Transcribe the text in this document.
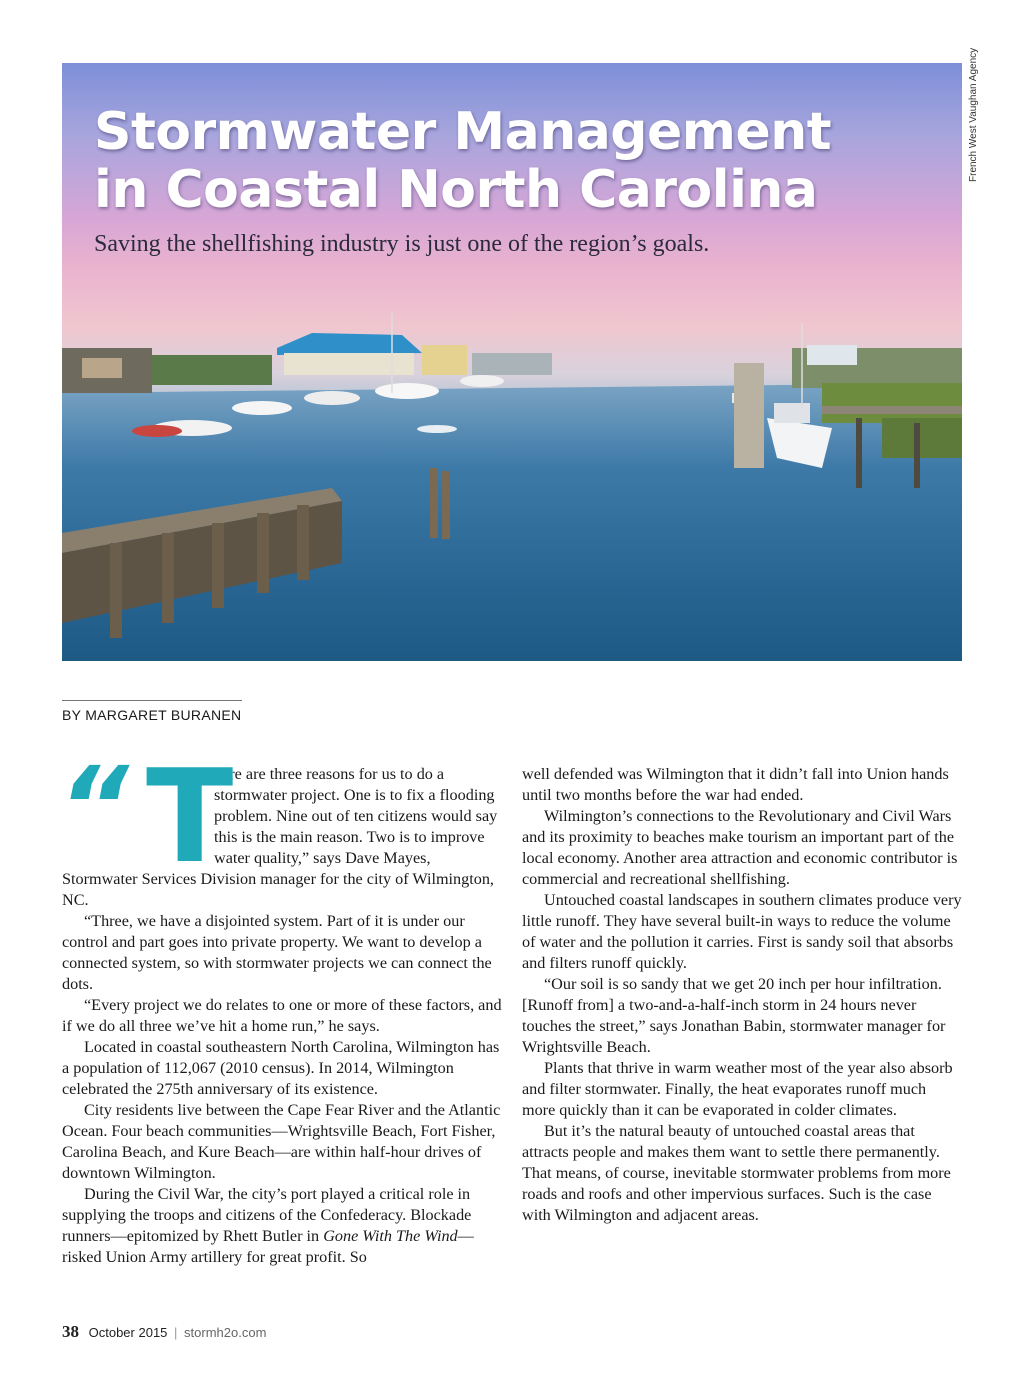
Stormwater Management
in Coastal North Carolina
Saving the shellfishing industry is just one of the region’s goals.
French West Vaughan Agency
BY MARGARET BURANEN
“ T

here are three reasons for us to do a stormwater project. One is to fix a flooding problem. Nine out of ten citizens would say this is the main reason. Two is to improve water quality,” says Dave Mayes, Stormwater Services Division manager for the city of Wilmington, NC.

“Three, we have a disjointed system. Part of it is under our control and part goes into private property. We want to develop a connected system, so with stormwater projects we can connect the dots.

“Every project we do relates to one or more of these factors, and if we do all three we’ve hit a home run,” he says.

Located in coastal southeastern North Carolina, Wilmington has a population of 112,067 (2010 census). In 2014, Wilmington celebrated the 275th anniversary of its existence.

City residents live between the Cape Fear River and the Atlantic Ocean. Four beach communities—Wrightsville Beach, Fort Fisher, Carolina Beach, and Kure Beach—are within half-hour drives of downtown Wilmington.

During the Civil War, the city’s port played a critical role in supplying the troops and citizens of the Confederacy. Blockade runners—epitomized by Rhett Butler in Gone With The Wind—risked Union Army artillery for great profit. So

well defended was Wilmington that it didn’t fall into Union hands until two months before the war had ended.

Wilmington’s connections to the Revolutionary and Civil Wars and its proximity to beaches make tourism an important part of the local economy. Another area attraction and economic contributor is commercial and recreational shellfishing.

Untouched coastal landscapes in southern climates produce very little runoff. They have several built-in ways to reduce the volume of water and the pollution it carries. First is sandy soil that absorbs and filters runoff quickly.

“Our soil is so sandy that we get 20 inch per hour infiltration. [Runoff from] a two-and-a-half-inch storm in 24 hours never touches the street,” says Jonathan Babin, stormwater manager for Wrightsville Beach.

Plants that thrive in warm weather most of the year also absorb and filter stormwater. Finally, the heat evaporates runoff much more quickly than it can be evaporated in colder climates.

But it’s the natural beauty of untouched coastal areas that attracts people and makes them want to settle there permanently. That means, of course, inevitable stormwater problems from more roads and roofs and other impervious surfaces. Such is the case with Wilmington and adjacent areas.

38 October 2015 | stormh2o.com
